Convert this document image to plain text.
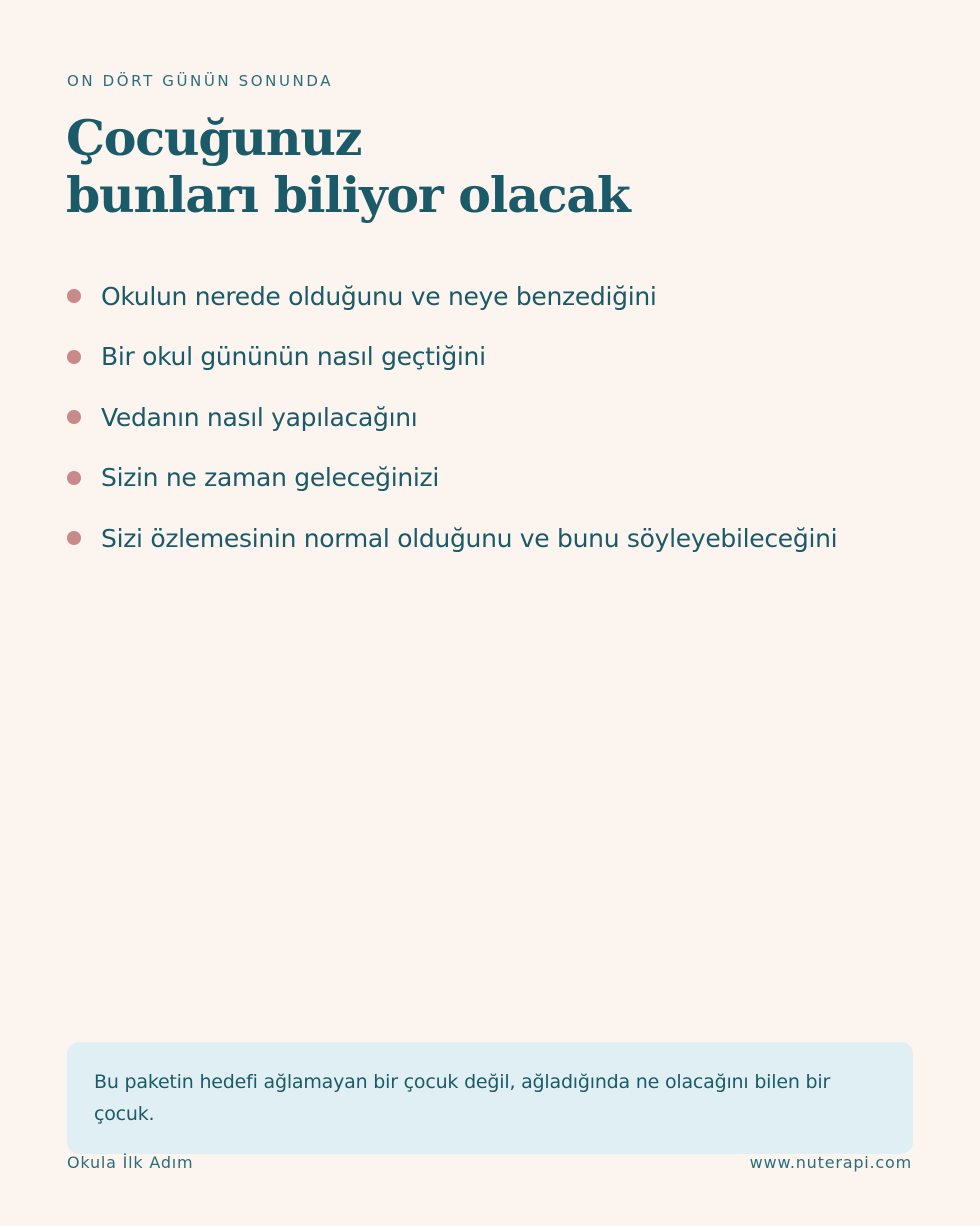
ON DÖRT GÜNÜN SONUNDA
Çocuğunuz
bunları biliyor olacak
Okulun nerede olduğunu ve neye benzediğini
Bir okul gününün nasıl geçtiğini
Vedanın nasıl yapılacağını
Sizin ne zaman geleceğinizi
Sizi özlemesinin normal olduğunu ve bunu söyleyebileceğini

Bu paketin hedefi ağlamayan bir çocuk değil, ağladığında ne olacağını bilen bir çocuk.

Okula İlk Adım	www.nuterapi.com
